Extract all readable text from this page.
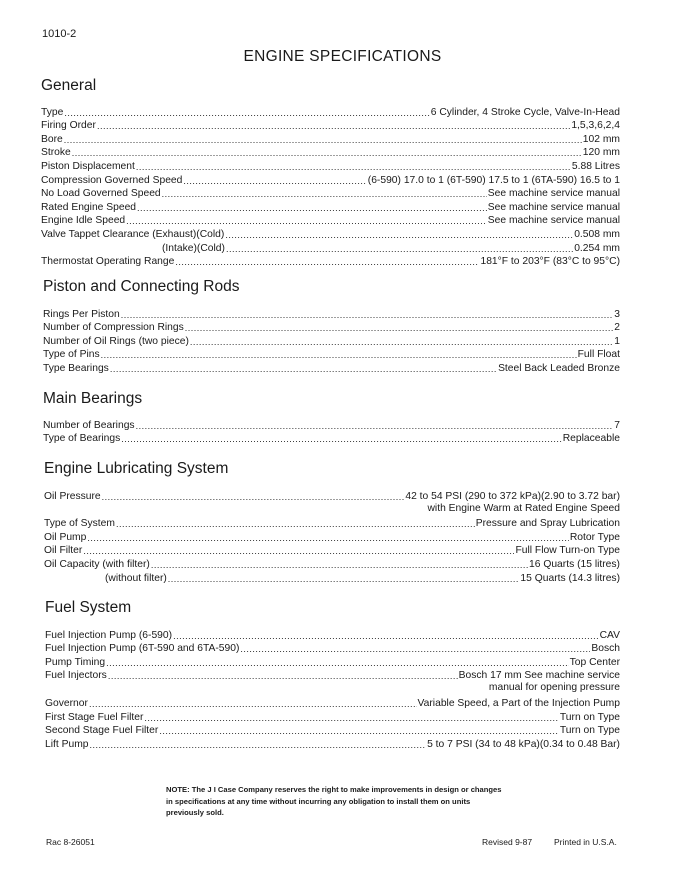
1010-2
ENGINE SPECIFICATIONS
General
Type .....	6 Cylinder, 4 Stroke Cycle, Valve-In-Head
Firing Order .....	1,5,3,6,2,4
Bore .....	102 mm
Stroke .....	120 mm
Piston Displacement .....	5.88 Litres
Compression Governed Speed .....	(6-590) 17.0 to 1 (6T-590) 17.5 to 1 (6TA-590) 16.5 to 1
No Load Governed Speed .....	See machine service manual
Rated Engine Speed .....	See machine service manual
Engine Idle Speed .....	See machine service manual
Valve Tappet Clearance (Exhaust)(Cold) .....	0.508 mm
(Intake)(Cold) .....	0.254 mm
Thermostat Operating Range .....	181°F to 203°F (83°C to 95°C)
Piston and Connecting Rods
Rings Per Piston .....	3
Number of Compression Rings .....	2
Number of Oil Rings (two piece) .....	1
Type of Pins .....	Full Float
Type Bearings .....	Steel Back Leaded Bronze
Main Bearings
Number of Bearings .....	7
Type of Bearings .....	Replaceable
Engine Lubricating System
Oil Pressure .....	42 to 54 PSI (290 to 372 kPa)(2.90 to 3.72 bar)
with Engine Warm at Rated Engine Speed
Type of System .....	Pressure and Spray Lubrication
Oil Pump .....	Rotor Type
Oil Filter .....	Full Flow Turn-on Type
Oil Capacity (with filter) .....	16 Quarts (15 litres)
(without filter) .....	15 Quarts (14.3 litres)
Fuel System
Fuel Injection Pump (6-590) .....	CAV
Fuel Injection Pump (6T-590 and 6TA-590) .....	Bosch
Pump Timing .....	Top Center
Fuel Injectors .....	Bosch 17 mm See machine service
manual for opening pressure
Governor .....	Variable Speed, a Part of the Injection Pump
First Stage Fuel Filter .....	Turn on Type
Second Stage Fuel Filter .....	Turn on Type
Lift Pump .....	5 to 7 PSI (34 to 48 kPa)(0.34 to 0.48 Bar)
NOTE: The J I Case Company reserves the right to make improvements in design or changes in specifications at any time without incurring any obligation to install them on units previously sold.
Rac 8-26051	Revised 9-87	Printed in U.S.A.
